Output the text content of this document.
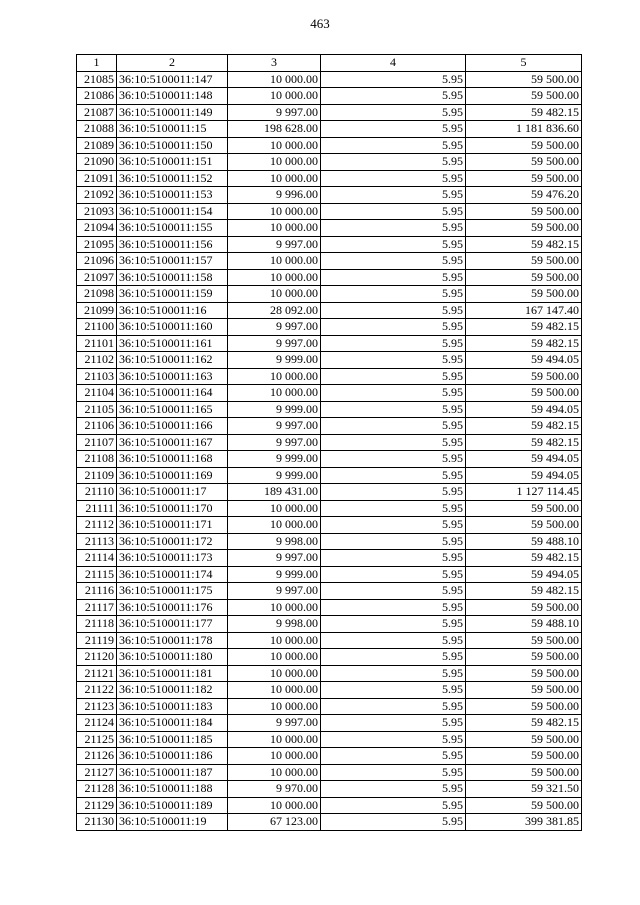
463
1	2	3	4	5
21085	36:10:5100011:147	10 000.00	5.95	59 500.00
21086	36:10:5100011:148	10 000.00	5.95	59 500.00
21087	36:10:5100011:149	9 997.00	5.95	59 482.15
21088	36:10:5100011:15	198 628.00	5.95	1 181 836.60
21089	36:10:5100011:150	10 000.00	5.95	59 500.00
21090	36:10:5100011:151	10 000.00	5.95	59 500.00
21091	36:10:5100011:152	10 000.00	5.95	59 500.00
21092	36:10:5100011:153	9 996.00	5.95	59 476.20
21093	36:10:5100011:154	10 000.00	5.95	59 500.00
21094	36:10:5100011:155	10 000.00	5.95	59 500.00
21095	36:10:5100011:156	9 997.00	5.95	59 482.15
21096	36:10:5100011:157	10 000.00	5.95	59 500.00
21097	36:10:5100011:158	10 000.00	5.95	59 500.00
21098	36:10:5100011:159	10 000.00	5.95	59 500.00
21099	36:10:5100011:16	28 092.00	5.95	167 147.40
21100	36:10:5100011:160	9 997.00	5.95	59 482.15
21101	36:10:5100011:161	9 997.00	5.95	59 482.15
21102	36:10:5100011:162	9 999.00	5.95	59 494.05
21103	36:10:5100011:163	10 000.00	5.95	59 500.00
21104	36:10:5100011:164	10 000.00	5.95	59 500.00
21105	36:10:5100011:165	9 999.00	5.95	59 494.05
21106	36:10:5100011:166	9 997.00	5.95	59 482.15
21107	36:10:5100011:167	9 997.00	5.95	59 482.15
21108	36:10:5100011:168	9 999.00	5.95	59 494.05
21109	36:10:5100011:169	9 999.00	5.95	59 494.05
21110	36:10:5100011:17	189 431.00	5.95	1 127 114.45
21111	36:10:5100011:170	10 000.00	5.95	59 500.00
21112	36:10:5100011:171	10 000.00	5.95	59 500.00
21113	36:10:5100011:172	9 998.00	5.95	59 488.10
21114	36:10:5100011:173	9 997.00	5.95	59 482.15
21115	36:10:5100011:174	9 999.00	5.95	59 494.05
21116	36:10:5100011:175	9 997.00	5.95	59 482.15
21117	36:10:5100011:176	10 000.00	5.95	59 500.00
21118	36:10:5100011:177	9 998.00	5.95	59 488.10
21119	36:10:5100011:178	10 000.00	5.95	59 500.00
21120	36:10:5100011:180	10 000.00	5.95	59 500.00
21121	36:10:5100011:181	10 000.00	5.95	59 500.00
21122	36:10:5100011:182	10 000.00	5.95	59 500.00
21123	36:10:5100011:183	10 000.00	5.95	59 500.00
21124	36:10:5100011:184	9 997.00	5.95	59 482.15
21125	36:10:5100011:185	10 000.00	5.95	59 500.00
21126	36:10:5100011:186	10 000.00	5.95	59 500.00
21127	36:10:5100011:187	10 000.00	5.95	59 500.00
21128	36:10:5100011:188	9 970.00	5.95	59 321.50
21129	36:10:5100011:189	10 000.00	5.95	59 500.00
21130	36:10:5100011:19	67 123.00	5.95	399 381.85
